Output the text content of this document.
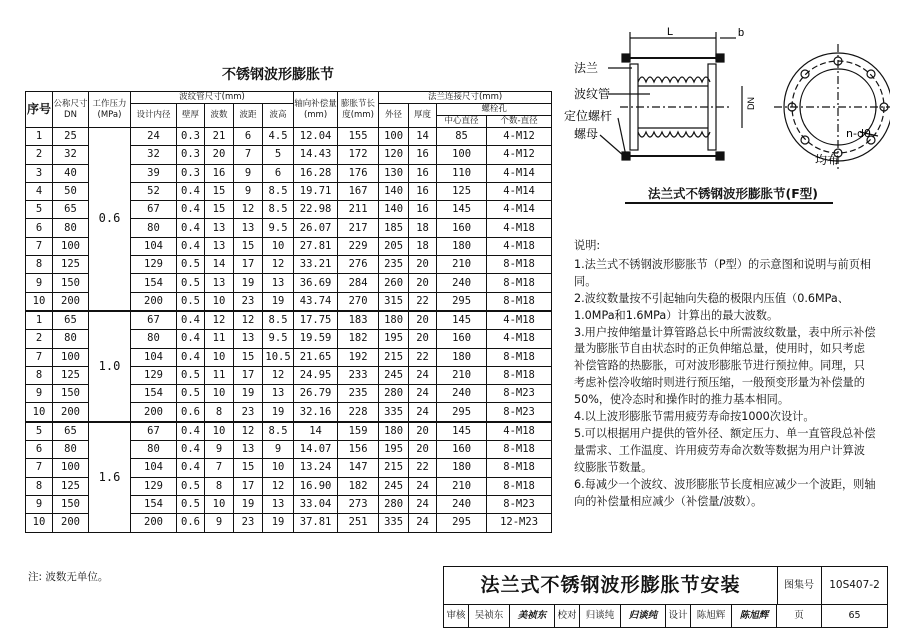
不锈钢波形膨胀节
序号	公称尺寸DN	工作压力(MPa)	波纹管尺寸(mm)					轴向补偿量(mm)	膨胀节长度(mm)	法兰连接尺寸(mm)			
			设计内径	壁厚	波数	波距	波高			外径	厚度	螺栓孔	
												中心直径	个数-直径
1	25	0.6	24	0.3	21	6	4.5	12.04	155	100	14	85	4-M12
2	32		32	0.3	20	7	5	14.43	172	120	16	100	4-M12
3	40		39	0.3	16	9	6	16.28	176	130	16	110	4-M14
4	50		52	0.4	15	9	8.5	19.71	167	140	16	125	4-M14
5	65		67	0.4	15	12	8.5	22.98	211	140	16	145	4-M14
6	80		80	0.4	13	13	9.5	26.07	217	185	18	160	4-M18
7	100		104	0.4	13	15	10	27.81	229	205	18	180	4-M18
8	125		129	0.5	14	17	12	33.21	276	235	20	210	8-M18
9	150		154	0.5	13	19	13	36.69	284	260	20	240	8-M18
10	200		200	0.5	10	23	19	43.74	270	315	22	295	8-M18
1	65	1.0	67	0.4	12	12	8.5	17.75	183	180	20	145	4-M18
2	80		80	0.4	11	13	9.5	19.59	182	195	20	160	4-M18
7	100		104	0.4	10	15	10.5	21.65	192	215	22	180	8-M18
8	125		129	0.5	11	17	12	24.95	233	245	24	210	8-M18
9	150		154	0.5	10	19	13	26.79	235	280	24	240	8-M23
10	200		200	0.6	8	23	19	32.16	228	335	24	295	8-M23
5	65	1.6	67	0.4	10	12	8.5	14	159	180	20	145	4-M18
6	80		80	0.4	9	13	9	14.07	156	195	20	160	8-M18
7	100		104	0.4	7	15	10	13.24	147	215	22	180	8-M18
8	125		129	0.5	8	17	12	16.90	182	245	24	210	8-M18
9	150		154	0.5	10	19	13	33.04	273	280	24	240	8-M23
10	200		200	0.6	9	23	19	37.81	251	335	24	295	12-M23
注: 波数无单位。
L	b
DN
法兰
波纹管
定位螺杆
螺母	n-d0
均布
法兰式不锈钢波形膨胀节(F型)
说明:

1.法兰式不锈钢波形膨胀节（P型）的示意图和说明与前页相同。

2.波纹数量按不引起轴向失稳的极限内压值（0.6MPa、1.0MPa和1.6MPa）计算出的最大波数。

3.用户按伸缩量计算管路总长中所需波纹数量，表中所示补偿量为膨胀节自由状态时的正负伸缩总量，使用时，如只考虑补偿管路的热膨胀，可对波形膨胀节进行预拉伸。同理，只考虑补偿冷收缩时则进行预压缩，一般预变形量为补偿量的50%，使冷态时和操作时的推力基本相同。

4.以上波形膨胀节需用疲劳寿命按1000次设计。

5.可以根据用户提供的管外径、额定压力、单一直管段总补偿量需求、工作温度、许用疲劳寿命次数等数据为用户计算波纹膨胀节数量。

6.每减少一个波纹、波形膨胀节长度相应减少一个波距，则轴向的补偿量相应减少（补偿量/波数）。

法兰式不锈钢波形膨胀节安装	图集号	10S407-2
审核 吴祯东	美祯东	校对 归谈纯	归谈纯	设计 陈旭辉	陈旭辉	页	65
